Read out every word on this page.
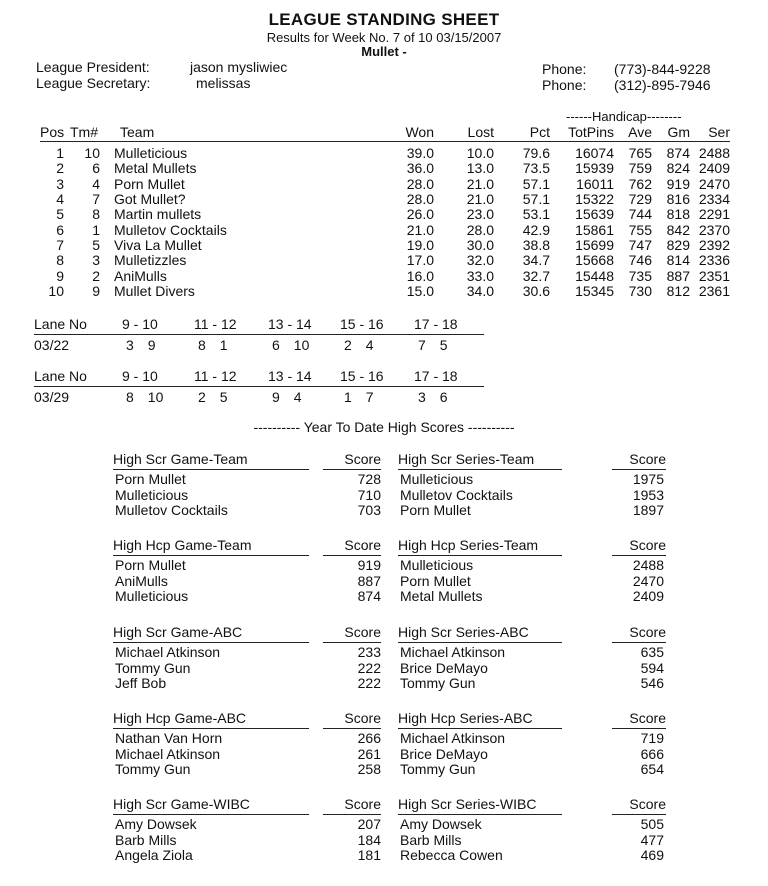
LEAGUE STANDING SHEET
Results for Week No. 7 of 10 03/15/2007
Mullet -
League President:	jason mysliwiec
League Secretary:	melissas
Phone: (773)-844-9228
Phone: (312)-895-7946
------Handicap--------
Pos	Tm#	Team	Won	Lost	Pct	TotPins	Ave	Gm	Ser

1	10	Mulleticious	39.0	10.0	79.6	16074	765	874	2488
2	6	Metal Mullets	36.0	13.0	73.5	15939	759	824	2409
3	4	Porn Mullet	28.0	21.0	57.1	16011	762	919	2470
4	7	Got Mullet?	28.0	21.0	57.1	15322	729	816	2334
5	8	Martin mullets	26.0	23.0	53.1	15639	744	818	2291
6	1	Mulletov Cocktails	21.0	28.0	42.9	15861	755	842	2370
7	5	Viva La Mullet	19.0	30.0	38.8	15699	747	829	2392
8	3	Mulletizzles	17.0	32.0	34.7	15668	746	814	2336
9	2	AniMulls	16.0	33.0	32.7	15448	735	887	2351
10	9	Mullet Divers	15.0	34.0	30.6	15345	730	812	2361
Lane No	9 - 10	11 - 12	13 - 14	15 - 16	17 - 18
03/22	3 9	8 1	6 10	2 4	7 5
Lane No	9 - 10	11 - 12	13 - 14	15 - 16	17 - 18
03/29	8 10	2 5	9 4	1 7	3 6
---------- Year To Date High Scores ----------
High Scr Game-Team	Score
Porn Mullet	728
Mulleticious	710
Mulletov Cocktails	703
High Scr Series-Team	Score
Mulleticious	1975
Mulletov Cocktails	1953
Porn Mullet	1897
High Hcp Game-Team	Score
Porn Mullet	919
AniMulls	887
Mulleticious	874
High Hcp Series-Team	Score
Mulleticious	2488
Porn Mullet	2470
Metal Mullets	2409
High Scr Game-ABC	Score
Michael Atkinson	233
Tommy Gun	222
Jeff Bob	222
High Scr Series-ABC	Score
Michael Atkinson	635
Brice DeMayo	594
Tommy Gun	546
High Hcp Game-ABC	Score
Nathan Van Horn	266
Michael Atkinson	261
Tommy Gun	258
High Hcp Series-ABC	Score
Michael Atkinson	719
Brice DeMayo	666
Tommy Gun	654
High Scr Game-WIBC	Score
Amy Dowsek	207
Barb Mills	184
Angela Ziola	181
High Scr Series-WIBC	Score
Amy Dowsek	505
Barb Mills	477
Rebecca Cowen	469
